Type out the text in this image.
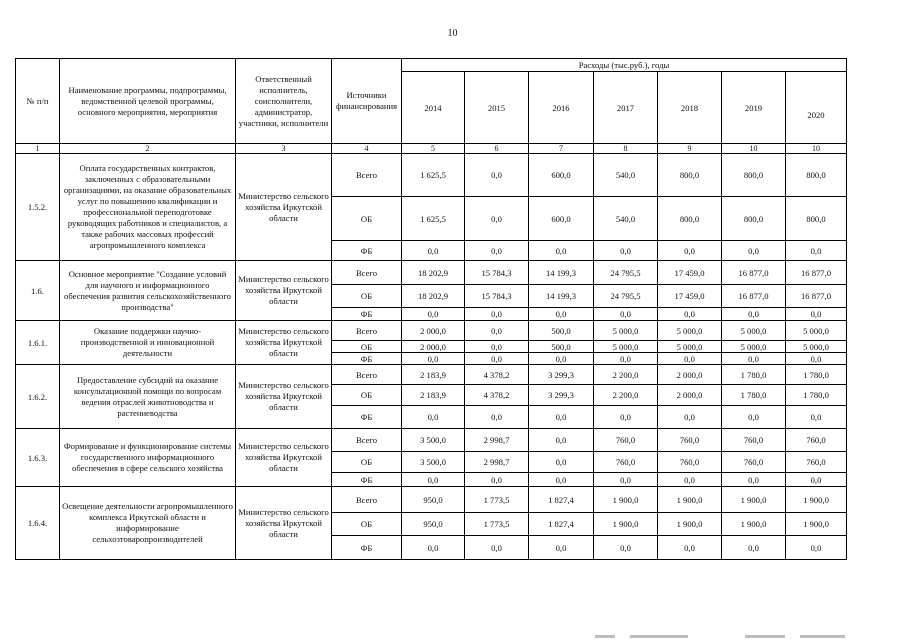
10
№ п/п	Наименование программы, подпрограммы, ведомственной целевой программы, основного мероприятия, мероприятия	Ответственный исполнитель, соисполнители, администратор, участники, исполнители	Источники финансирования	Расходы (тыс.руб.), годы						
				2014	2015	2016	2017	2018	2019	2020
1	2	3	4	5	6	7	8	9	10	10
1.5.2.	Оплата государственных контрактов, заключенных с образовательными организациями, на оказание образовательных услуг по повышению квалификации и профессиональной переподготовке руководящих работников и специалистов, а также рабочих массовых профессий агропромышленного комплекса	Министерство сельского хозяйства Иркутской области	Всего	1 625,5	0,0	600,0	540,0	800,0	800,0	800,0
			ОБ	1 625,5	0,0	600,0	540,0	800,0	800,0	800,0
			ФБ	0,0	0,0	0,0	0,0	0,0	0,0	0,0
1.6.	Основное мероприятие "Создание условий для научного и информационного обеспечения развития сельскохозяйственного производства"	Министерство сельского хозяйства Иркутской области	Всего	18 202,9	15 784,3	14 199,3	24 795,5	17 459,0	16 877,0	16 877,0
			ОБ	18 202,9	15 784,3	14 199,3	24 795,5	17 459,0	16 877,0	16 877,0
			ФБ	0,0	0,0	0,0	0,0	0,0	0,0	0,0
1.6.1.	Оказание поддержки научно-производственной и инновационной деятельности	Министерство сельского хозяйства Иркутской области	Всего	2 000,0	0,0	500,0	5 000,0	5 000,0	5 000,0	5 000,0
			ОБ	2 000,0	0,0	500,0	5 000,0	5 000,0	5 000,0	5 000,0
			ФБ	0,0	0,0	0,0	0,0	0,0	0,0	0,0
1.6.2.	Предоставление субсидий на оказание консультационной помощи по вопросам ведения отраслей животноводства и растениеводства	Министерство сельского хозяйства Иркутской области	Всего	2 183,9	4 378,2	3 299,3	2 200,0	2 000,0	1 780,0	1 780,0
			ОБ	2 183,9	4 378,2	3 299,3	2 200,0	2 000,0	1 780,0	1 780,0
			ФБ	0,0	0,0	0,0	0,0	0,0	0,0	0,0
1.6.3.	Формирование и функционирование системы государственного информационного обеспечения в сфере сельского хозяйства	Министерство сельского хозяйства Иркутской области	Всего	3 500,0	2 998,7	0,0	760,0	760,0	760,0	760,0
			ОБ	3 500,0	2 998,7	0,0	760,0	760,0	760,0	760,0
			ФБ	0,0	0,0	0,0	0,0	0,0	0,0	0,0
1.6.4.	Освещение деятельности агропромышленного комплекса Иркутской области и информирование сельхозтоваропроизводителей	Министерство сельского хозяйства Иркутской области	Всего	950,0	1 773,5	1 827,4	1 900,0	1 900,0	1 900,0	1 900,0
			ОБ	950,0	1 773,5	1 827,4	1 900,0	1 900,0	1 900,0	1 900,0
			ФБ	0,0	0,0	0,0	0,0	0,0	0,0	0,0
